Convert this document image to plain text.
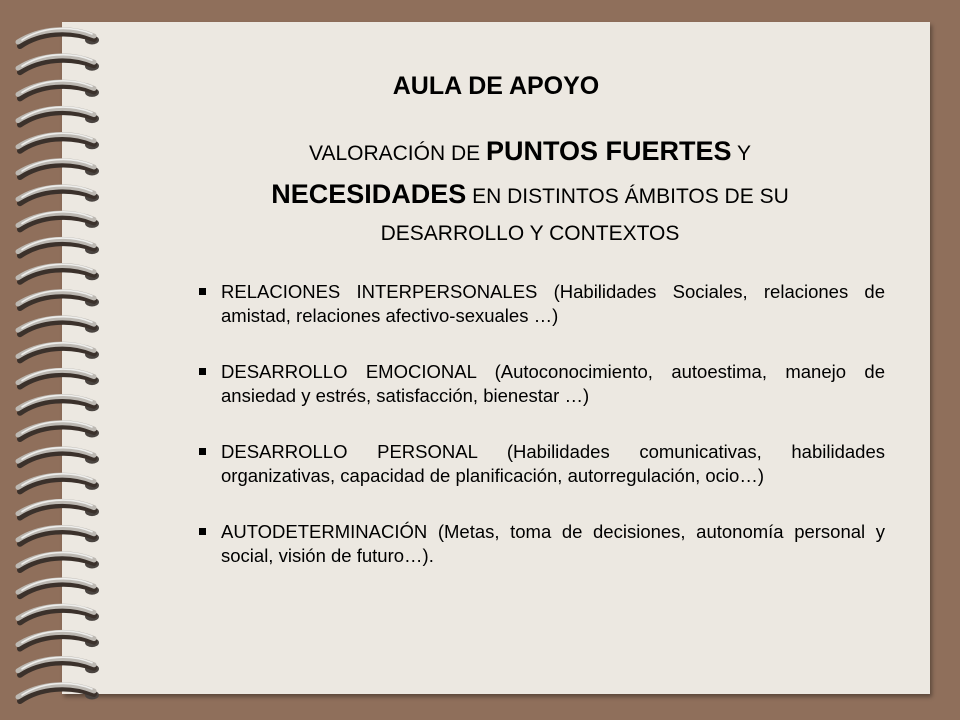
AULA DE APOYO
VALORACIÓN DE PUNTOS FUERTES Y
NECESIDADES EN DISTINTOS ÁMBITOS DE SU
DESARROLLO Y CONTEXTOS
RELACIONES INTERPERSONALES (Habilidades Sociales, relaciones de amistad, relaciones afectivo-sexuales …)
DESARROLLO EMOCIONAL (Autoconocimiento, autoestima, manejo de ansiedad y estrés, satisfacción, bienestar …)
DESARROLLO PERSONAL (Habilidades comunicativas, habilidades organizativas, capacidad de planificación, autorregulación, ocio…)
AUTODETERMINACIÓN (Metas, toma de decisiones, autonomía personal y social, visión de futuro…).
